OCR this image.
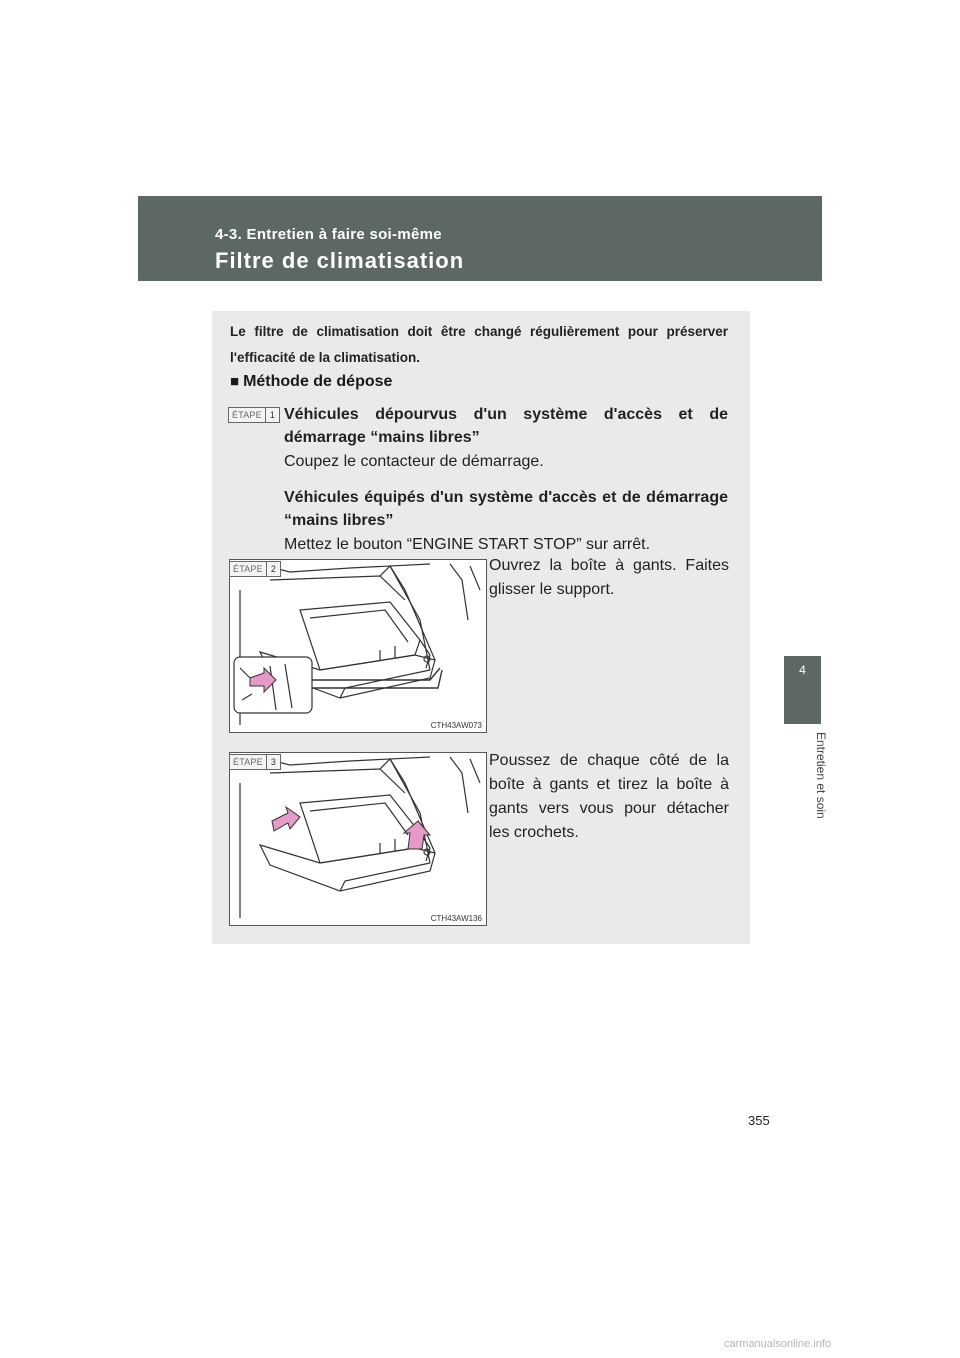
4-3. Entretien à faire soi-même
Filtre de climatisation
4
Entretien et soin
Le filtre de climatisation doit être changé régulièrement pour préserver l'efficacité de la climatisation.
■ Méthode de dépose
ÉTAPE 1 Véhicules dépourvus d'un système d'accès et de démarrage “mains libres”
Coupez le contacteur de démarrage.
Véhicules équipés d'un système d'accès et de démarrage “mains libres”
Mettez le bouton “ENGINE START STOP” sur arrêt.
CTH43AW073
ÉTAPE 2	Ouvrez la boîte à gants. Faites glisser le support.
CTH43AW136
ÉTAPE 3	Poussez de chaque côté de la boîte à gants et tirez la boîte à gants vers vous pour détacher les crochets.
355
carmanualsonline.info
